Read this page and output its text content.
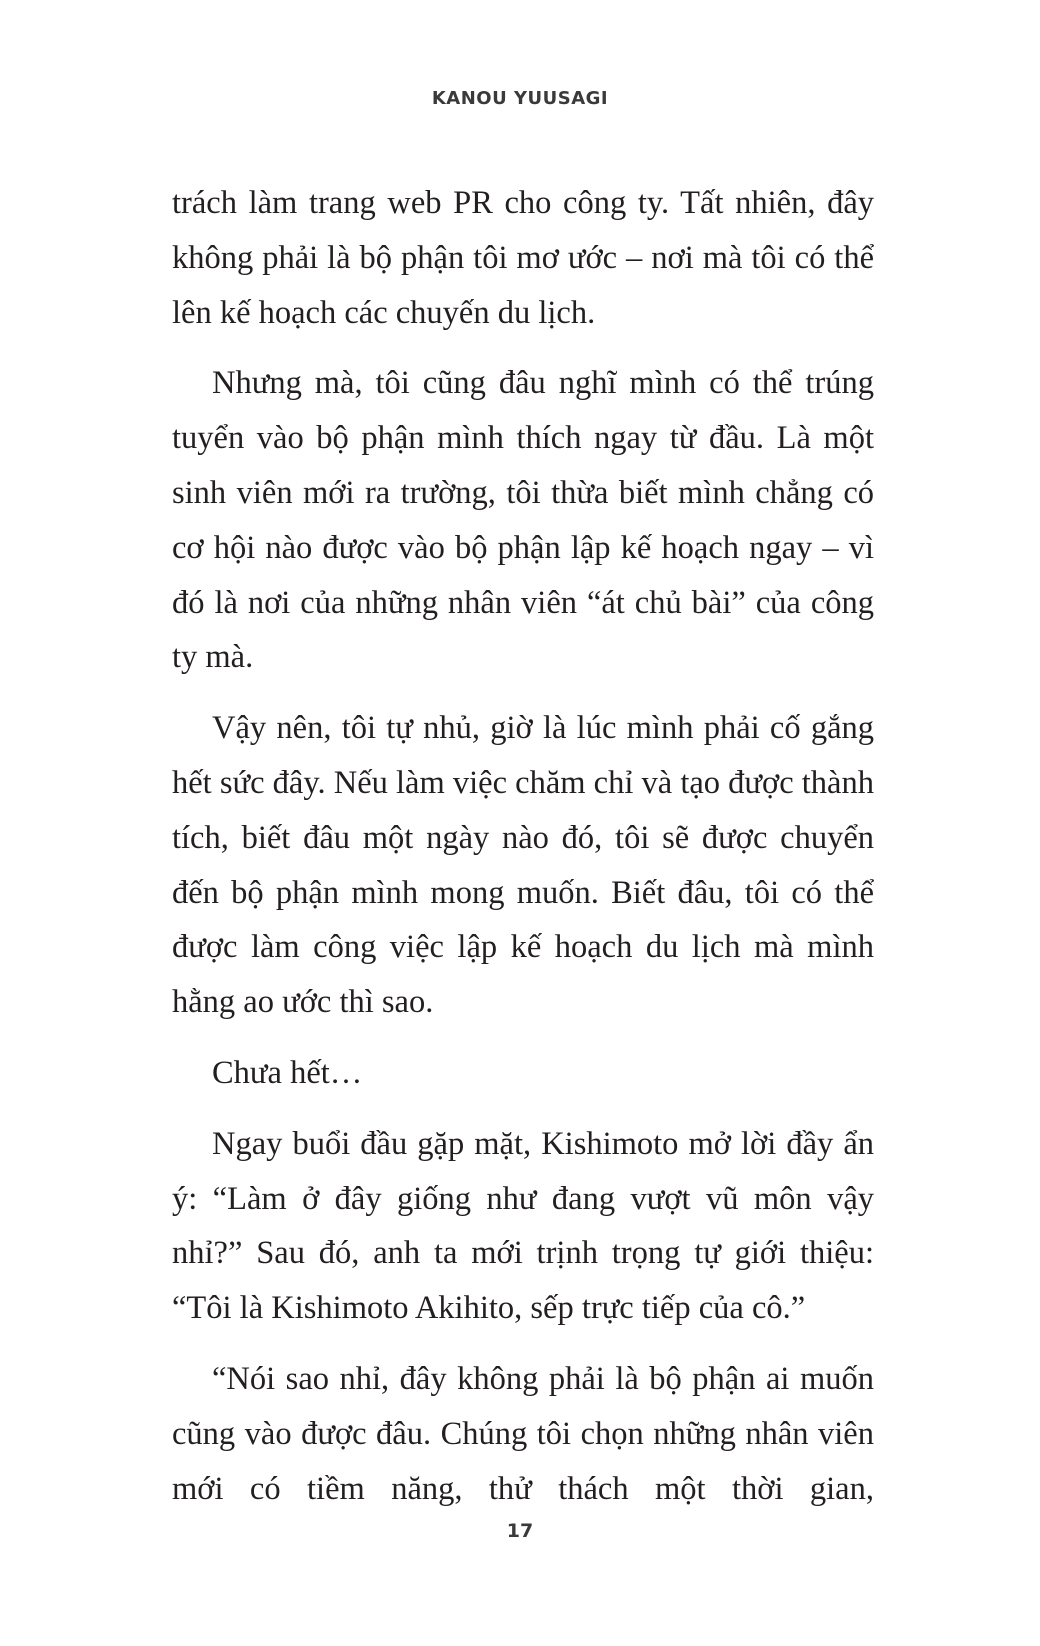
KANOU YUUSAGI

trách làm trang web PR cho công ty. Tất nhiên, đây không phải là bộ phận tôi mơ ước – nơi mà tôi có thể lên kế hoạch các chuyến du lịch.

Nhưng mà, tôi cũng đâu nghĩ mình có thể trúng tuyển vào bộ phận mình thích ngay từ đầu. Là một sinh viên mới ra trường, tôi thừa biết mình chẳng có cơ hội nào được vào bộ phận lập kế hoạch ngay – vì đó là nơi của những nhân viên “át chủ bài” của công ty mà.

Vậy nên, tôi tự nhủ, giờ là lúc mình phải cố gắng hết sức đây. Nếu làm việc chăm chỉ và tạo được thành tích, biết đâu một ngày nào đó, tôi sẽ được chuyển đến bộ phận mình mong muốn. Biết đâu, tôi có thể được làm công việc lập kế hoạch du lịch mà mình hằng ao ước thì sao.

Chưa hết…

Ngay buổi đầu gặp mặt, Kishimoto mở lời đầy ẩn ý: “Làm ở đây giống như đang vượt vũ môn vậy nhỉ?” Sau đó, anh ta mới trịnh trọng tự giới thiệu: “Tôi là Kishimoto Akihito, sếp trực tiếp của cô.”

“Nói sao nhỉ, đây không phải là bộ phận ai muốn cũng vào được đâu. Chúng tôi chọn những nhân viên mới có tiềm năng, thử thách một thời gian,

17
